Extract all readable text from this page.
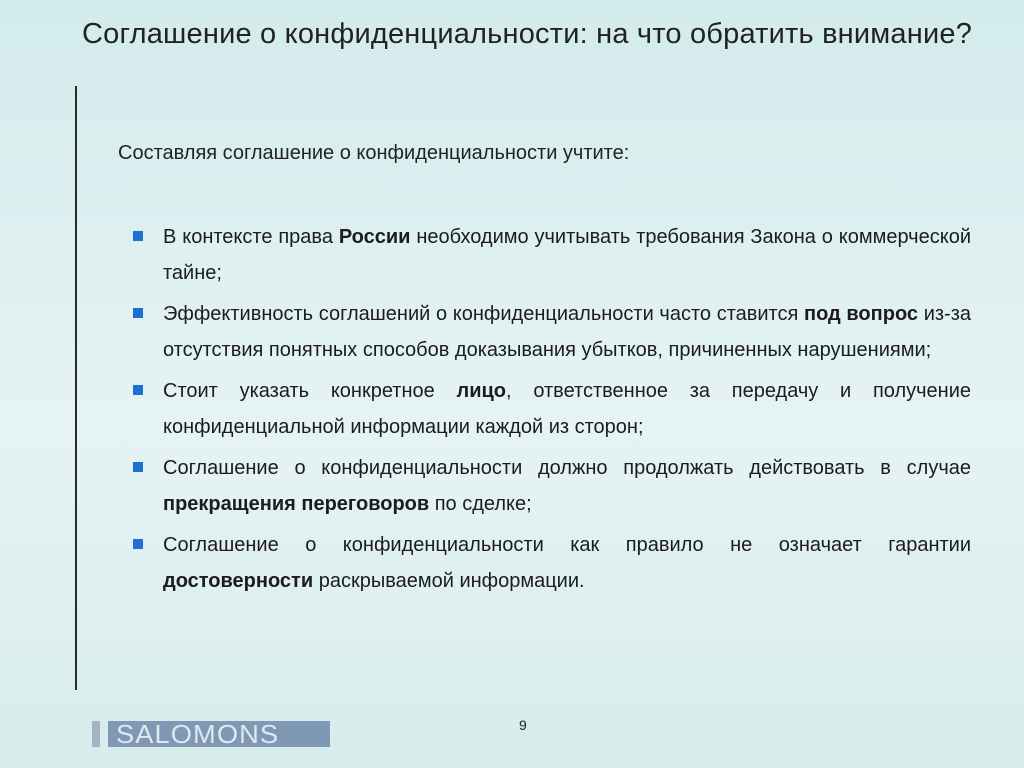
Соглашение о конфиденциальности: на что обратить внимание?
Составляя соглашение о конфиденциальности учтите:
В контексте права России необходимо учитывать требования Закона о коммерческой тайне;
Эффективность соглашений о конфиденциальности часто ставится под вопрос из-за отсутствия понятных способов доказывания убытков, причиненных нарушениями;
Стоит указать конкретное лицо, ответственное за передачу и получение конфиденциальной информации каждой из сторон;
Соглашение о конфиденциальности должно продолжать действовать в случае прекращения переговоров по сделке;
Соглашение о конфиденциальности как правило не означает гарантии достоверности раскрываемой информации.
SALOMONS	9
